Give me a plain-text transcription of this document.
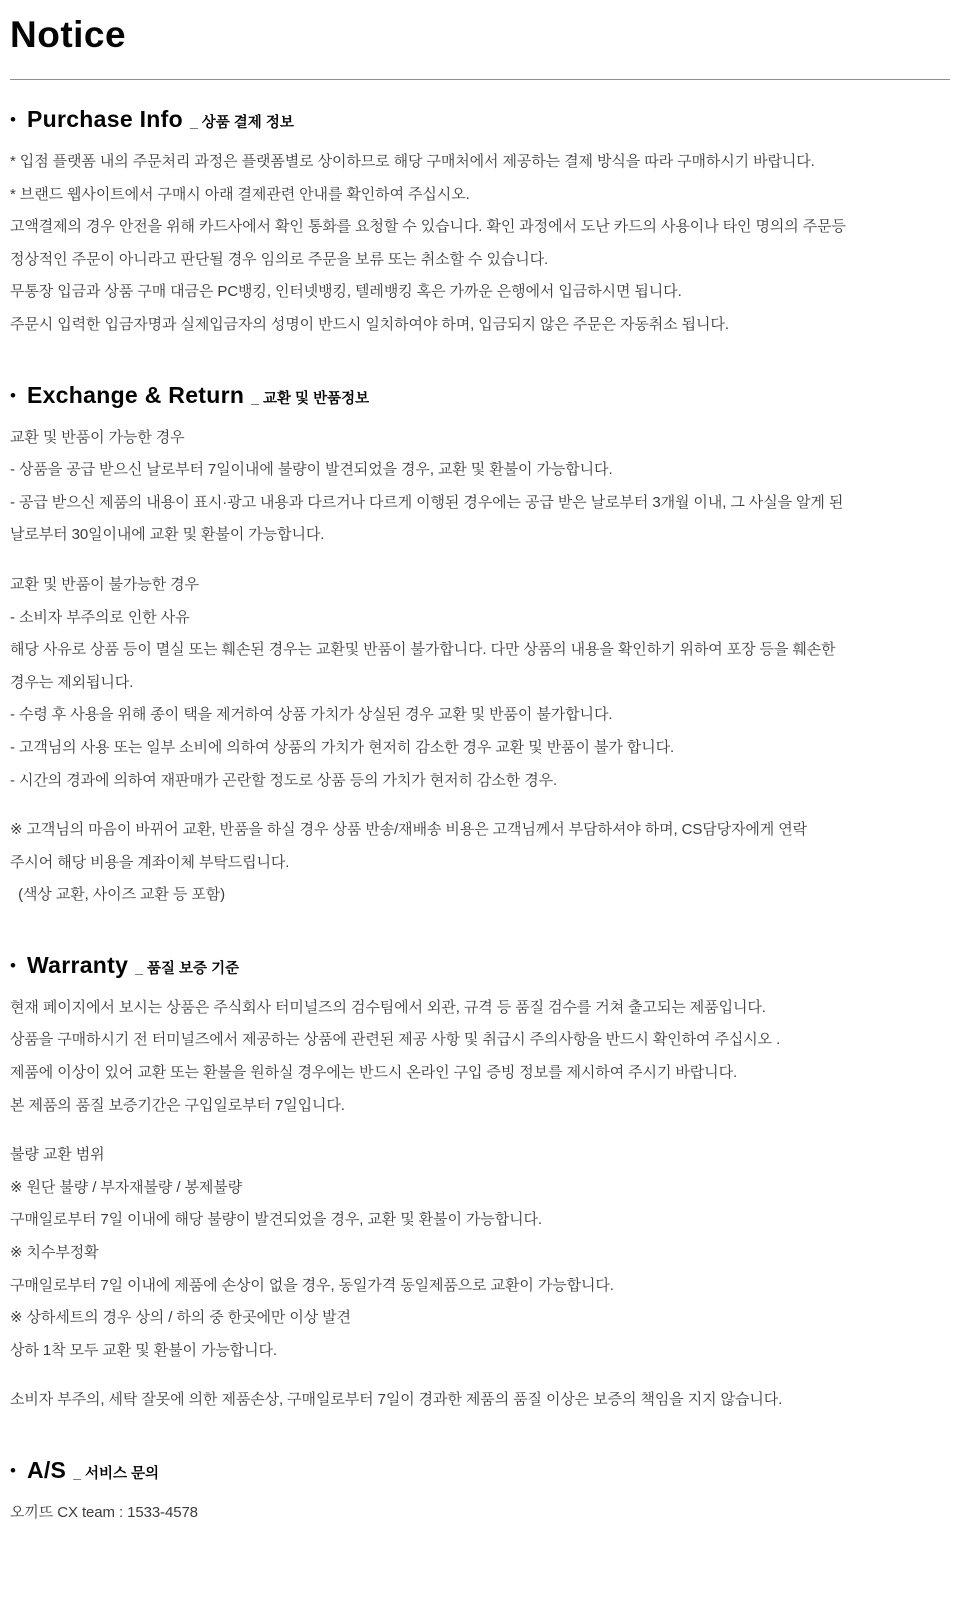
Notice
• Purchase Info _ 상품 결제 정보
* 입점 플랫폼 내의 주문처리 과정은 플랫폼별로 상이하므로 해당 구매처에서 제공하는 결제 방식을 따라 구매하시기 바랍니다.
* 브랜드 웹사이트에서 구매시 아래 결제관련 안내를 확인하여 주십시오.
고액결제의 경우 안전을 위해 카드사에서 확인 통화를 요청할 수 있습니다. 확인 과정에서 도난 카드의 사용이나 타인 명의의 주문등
정상적인 주문이 아니라고 판단될 경우 임의로 주문을 보류 또는 취소할 수 있습니다.
무통장 입금과 상품 구매 대금은 PC뱅킹, 인터넷뱅킹, 텔레뱅킹 혹은 가까운 은행에서 입금하시면 됩니다.
주문시 입력한 입금자명과 실제입금자의 성명이 반드시 일치하여야 하며, 입금되지 않은 주문은 자동취소 됩니다.
• Exchange & Return _ 교환 및 반품정보
교환 및 반품이 가능한 경우
- 상품을 공급 받으신 날로부터 7일이내에 불량이 발견되었을 경우, 교환 및 환불이 가능합니다.
- 공급 받으신 제품의 내용이 표시·광고 내용과 다르거나 다르게 이행된 경우에는 공급 받은 날로부터 3개월 이내, 그 사실을 알게 된
날로부터 30일이내에 교환 및 환불이 가능합니다.
교환 및 반품이 불가능한 경우
- 소비자 부주의로 인한 사유
해당 사유로 상품 등이 멸실 또는 훼손된 경우는 교환및 반품이 불가합니다. 다만 상품의 내용을 확인하기 위하여 포장 등을 훼손한
경우는 제외됩니다.
- 수령 후 사용을 위해 종이 택을 제거하여 상품 가치가 상실된 경우 교환 및 반품이 불가합니다.
- 고객님의 사용 또는 일부 소비에 의하여 상품의 가치가 현저히 감소한 경우 교환 및 반품이 불가 합니다.
- 시간의 경과에 의하여 재판매가 곤란할 정도로 상품 등의 가치가 현저히 감소한 경우.
※ 고객님의 마음이 바뀌어 교환, 반품을 하실 경우 상품 반송/재배송 비용은 고객님께서 부담하셔야 하며, CS담당자에게 연락
주시어 해당 비용을 계좌이체 부탁드립니다.
(색상 교환, 사이즈 교환 등 포함)
• Warranty _ 품질 보증 기준
현재 페이지에서 보시는 상품은 주식회사 터미널즈의 검수팀에서 외관, 규격 등 품질 검수를 거쳐 출고되는 제품입니다.
상품을 구매하시기 전 터미널즈에서 제공하는 상품에 관련된 제공 사항 및 취급시 주의사항을 반드시 확인하여 주십시오 .
제품에 이상이 있어 교환 또는 환불을 원하실 경우에는 반드시 온라인 구입 증빙 정보를 제시하여 주시기 바랍니다.
본 제품의 품질 보증기간은 구입일로부터 7일입니다.
불량 교환 범위
※ 원단 불량 / 부자재불량 / 봉제불량
구매일로부터 7일 이내에 해당 불량이 발견되었을 경우, 교환 및 환불이 가능합니다.
※ 치수부정확
구매일로부터 7일 이내에 제품에 손상이 없을 경우, 동일가격 동일제품으로 교환이 가능합니다.
※ 상하세트의 경우 상의 / 하의 중 한곳에만 이상 발견
상하 1착 모두 교환 및 환불이 가능합니다.
소비자 부주의, 세탁 잘못에 의한 제품손상, 구매일로부터 7일이 경과한 제품의 품질 이상은 보증의 책임을 지지 않습니다.
• A/S _ 서비스 문의
오끼뜨 CX team : 1533-4578
